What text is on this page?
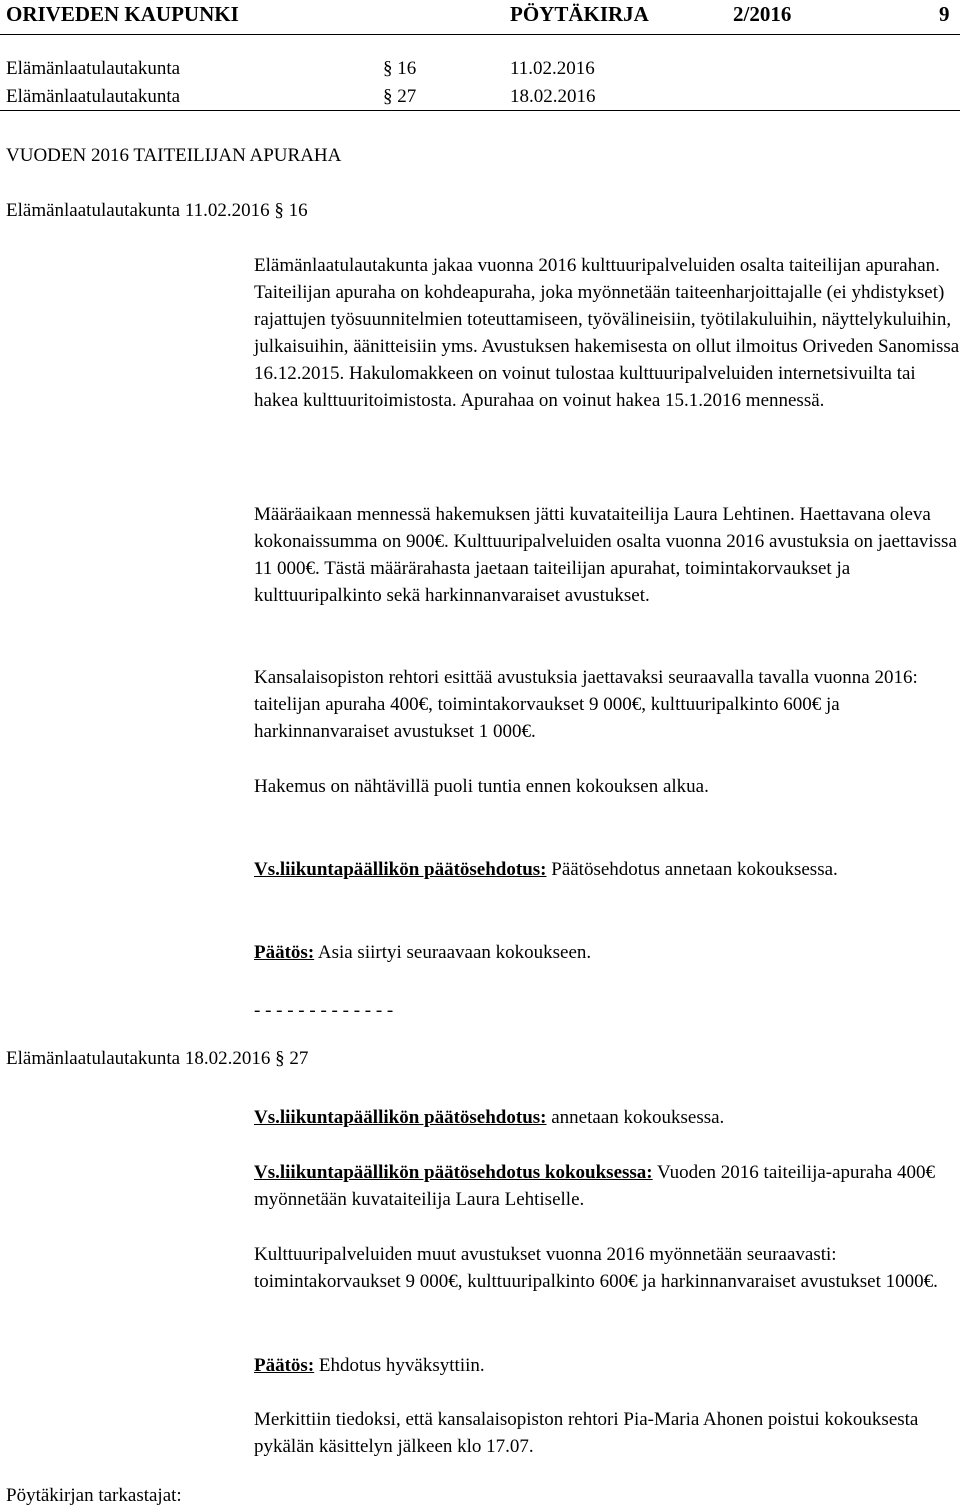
ORIVEDEN KAUPUNKI	PÖYTÄKIRJA	2/2016	9
Elämänlaatulautakunta	§ 16	11.02.2016
Elämänlaatulautakunta	§ 27	18.02.2016
VUODEN 2016 TAITEILIJAN APURAHA
Elämänlaatulautakunta 11.02.2016 § 16

Elämänlaatulautakunta jakaa vuonna 2016 kulttuuripalveluiden osalta taiteilijan apurahan. Taiteilijan apuraha on kohdeapuraha, joka myönnetään taiteenharjoittajalle (ei yhdistykset) rajattujen työsuunnitelmien toteuttamiseen, työvälineisiin, työtilakuluihin, näyttelykuluihin, julkaisuihin, äänitteisiin yms. Avustuksen hakemisesta on ollut ilmoitus Oriveden Sanomissa 16.12.2015. Hakulomakkeen on voinut tulostaa kulttuuripalveluiden internetsivuilta tai hakea kulttuuritoimistosta. Apurahaa on voinut hakea 15.1.2016 mennessä.

Määräaikaan mennessä hakemuksen jätti kuvataiteilija Laura Lehtinen. Haettavana oleva kokonaissumma on 900€. Kulttuuripalveluiden osalta vuonna 2016 avustuksia on jaettavissa 11 000€. Tästä määrärahasta jaetaan taiteilijan apurahat, toimintakorvaukset ja kulttuuripalkinto sekä harkinnanvaraiset avustukset.

Kansalaisopiston rehtori esittää avustuksia jaettavaksi seuraavalla tavalla vuonna 2016: taitelijan apuraha 400€, toimintakorvaukset 9 000€, kulttuuripalkinto 600€ ja harkinnanvaraiset avustukset 1 000€.

Hakemus on nähtävillä puoli tuntia ennen kokouksen alkua.

Vs.liikuntapäällikön päätösehdotus: Päätösehdotus annetaan kokouksessa.

Päätös: Asia siirtyi seuraavaan kokoukseen.

- - - - - - - - - - - - -

Elämänlaatulautakunta 18.02.2016 § 27

Vs.liikuntapäällikön päätösehdotus: annetaan kokouksessa.

Vs.liikuntapäällikön päätösehdotus kokouksessa: Vuoden 2016 taiteilija-apuraha 400€ myönnetään kuvataiteilija Laura Lehtiselle.

Kulttuuripalveluiden muut avustukset vuonna 2016 myönnetään seuraavasti: toimintakorvaukset 9 000€, kulttuuripalkinto 600€ ja harkinnanvaraiset avustukset 1000€.

Päätös: Ehdotus hyväksyttiin.

Merkittiin tiedoksi, että kansalaisopiston rehtori Pia-Maria Ahonen poistui kokouksesta pykälän käsittelyn jälkeen klo 17.07.

Pöytäkirjan tarkastajat:
